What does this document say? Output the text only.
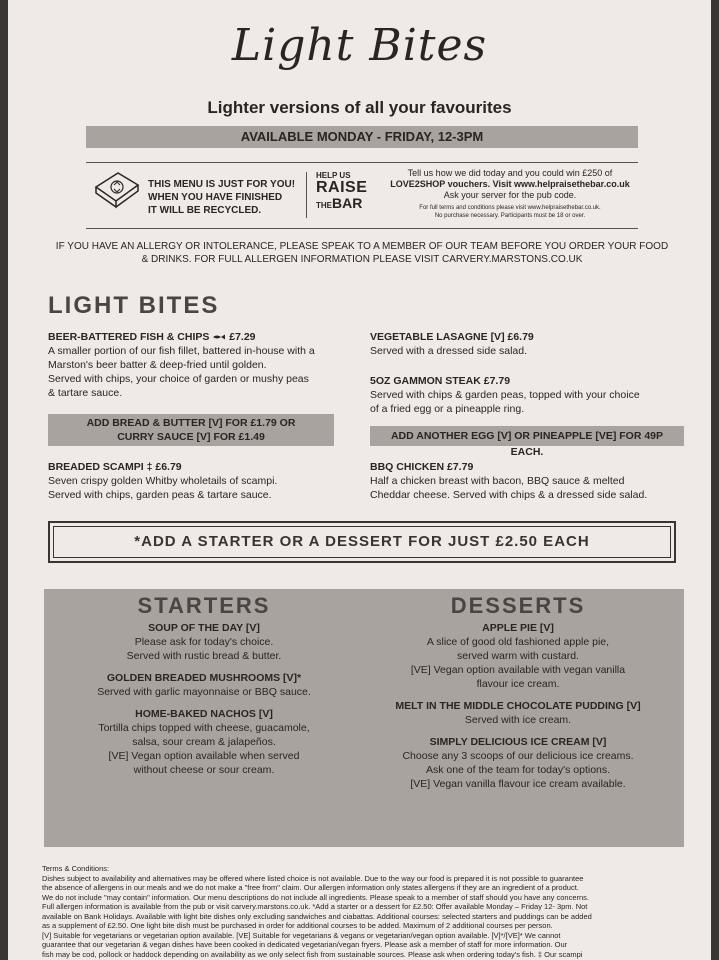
Light Bites
Lighter versions of all your favourites
AVAILABLE MONDAY - FRIDAY, 12-3PM
THIS MENU IS JUST FOR YOU!
WHEN YOU HAVE FINISHED
IT WILL BE RECYCLED.
HELP US
RAISE
THEBAR
Tell us how we did today and you could win £250 of
LOVE2SHOP vouchers. Visit www.helpraisethebar.co.uk
Ask your server for the pub code.
For full terms and conditions please visit www.helpraisethebar.co.uk.
No purchase necessary. Participants must be 18 or over.
IF YOU HAVE AN ALLERGY OR INTOLERANCE, PLEASE SPEAK TO A MEMBER OF OUR TEAM BEFORE YOU ORDER YOUR FOOD
& DRINKS. FOR FULL ALLERGEN INFORMATION PLEASE VISIT CARVERY.MARSTONS.CO.UK
LIGHT BITES
BEER-BATTERED FISH & CHIPS £7.29
A smaller portion of our fish fillet, battered in-house with a
Marston's beer batter & deep-fried until golden.
Served with chips, your choice of garden or mushy peas
& tartare sauce.
ADD BREAD & BUTTER [V] FOR £1.79 OR
CURRY SAUCE [V] FOR £1.49
BREADED SCAMPI ‡ £6.79
Seven crispy golden Whitby wholetails of scampi.
Served with chips, garden peas & tartare sauce.
VEGETABLE LASAGNE [V] £6.79
Served with a dressed side salad.
5OZ GAMMON STEAK £7.79
Served with chips & garden peas, topped with your choice
of a fried egg or a pineapple ring.
ADD ANOTHER EGG [V] OR PINEAPPLE [VE] FOR 49P EACH.
BBQ CHICKEN £7.79
Half a chicken breast with bacon, BBQ sauce & melted
Cheddar cheese. Served with chips & a dressed side salad.
*ADD A STARTER OR A DESSERT FOR JUST £2.50 EACH
STARTERS
SOUP OF THE DAY [V]
Please ask for today's choice.
Served with rustic bread & butter.
GOLDEN BREADED MUSHROOMS [V]*
Served with garlic mayonnaise or BBQ sauce.
HOME-BAKED NACHOS [V]
Tortilla chips topped with cheese, guacamole,
salsa, sour cream & jalapeños.
[VE] Vegan option available when served
without cheese or sour cream.
DESSERTS
APPLE PIE [V]
A slice of good old fashioned apple pie,
served warm with custard.
[VE] Vegan option available with vegan vanilla
flavour ice cream.
MELT IN THE MIDDLE CHOCOLATE PUDDING [V]
Served with ice cream.
SIMPLY DELICIOUS ICE CREAM [V]
Choose any 3 scoops of our delicious ice creams.
Ask one of the team for today's options.
[VE] Vegan vanilla flavour ice cream available.
Terms & Conditions:
Dishes subject to availability and alternatives may be offered where listed choice is not available. Due to the way our food is prepared it is not possible to guarantee
the absence of allergens in our meals and we do not make a "free from" claim. Our allergen information only states allergens if they are an ingredient of a product.
We do not include "may contain" information. Our menu descriptions do not include all ingredients. Please speak to a member of staff should you have any concerns.
Full allergen information is available from the pub or visit carvery.marstons.co.uk. *Add a starter or a dessert for £2.50: Offer available Monday – Friday 12- 3pm. Not
available on Bank Holidays. Available with light bite dishes only excluding sandwiches and ciabattas. Additional courses: selected starters and puddings can be added
as a supplement of £2.50. One light bite dish must be purchased in order for additional courses to be added. Maximum of 2 additional courses per person.
[V] Suitable for vegetarians or vegetarian option available. [VE] Suitable for vegetarians & vegans or vegetarian/vegan option available. [V]*/[VE]* We cannot
guarantee that our vegetarian & vegan dishes have been cooked in dedicated vegetarian/vegan fryers. Please ask a member of staff for more information. Our
fish may be cod, pollock or haddock depending on availability as we only select fish from sustainable sources. Please ask when ordering today's fish. ‡ Our scampi
